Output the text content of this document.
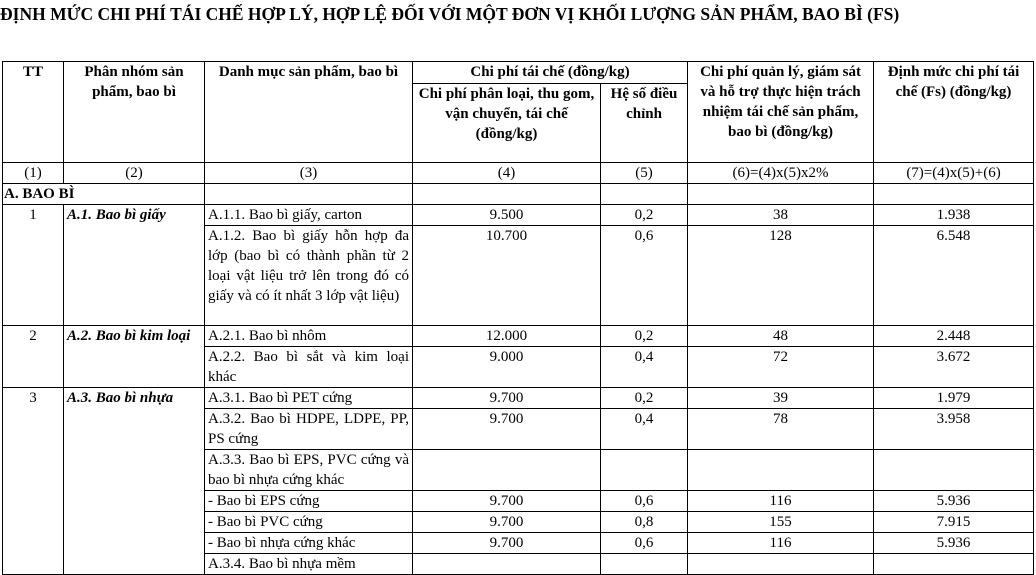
ĐỊNH MỨC CHI PHÍ TÁI CHẾ HỢP LÝ, HỢP LỆ ĐỐI VỚI MỘT ĐƠN VỊ KHỐI LƯỢNG SẢN PHẨM, BAO BÌ (FS)
TT	Phân nhóm sản phẩm, bao bì	Danh mục sản phẩm, bao bì	Chi phí tái chế (đồng/kg)		Chi phí quản lý, giám sát và hỗ trợ thực hiện trách nhiệm tái chế sản phẩm, bao bì (đồng/kg)	Định mức chi phí tái chế (Fs) (đồng/kg)
			Chi phí phân loại, thu gom, vận chuyển, tái chế (đồng/kg)	Hệ số điều chỉnh		
(1)	(2)	(3)	(4)	(5)	(6)=(4)x(5)x2%	(7)=(4)x(5)+(6)
A. BAO BÌ						
1	A.1. Bao bì giấy	A.1.1. Bao bì giấy, carton	9.500	0,2	38	1.938
		A.1.2. Bao bì giấy hỗn hợp đa lớp (bao bì có thành phần từ 2 loại vật liệu trở lên trong đó có giấy và có ít nhất 3 lớp vật liệu)	10.700	0,6	128	6.548
2	A.2. Bao bì kim loại	A.2.1. Bao bì nhôm	12.000	0,2	48	2.448
		A.2.2. Bao bì sắt và kim loại khác	9.000	0,4	72	3.672
3	A.3. Bao bì nhựa	A.3.1. Bao bì PET cứng	9.700	0,2	39	1.979
		A.3.2. Bao bì HDPE, LDPE, PP, PS cứng	9.700	0,4	78	3.958
		A.3.3. Bao bì EPS, PVC cứng và bao bì nhựa cứng khác				
		- Bao bì EPS cứng	9.700	0,6	116	5.936
		- Bao bì PVC cứng	9.700	0,8	155	7.915
		- Bao bì nhựa cứng khác	9.700	0,6	116	5.936
		A.3.4. Bao bì nhựa mềm				
